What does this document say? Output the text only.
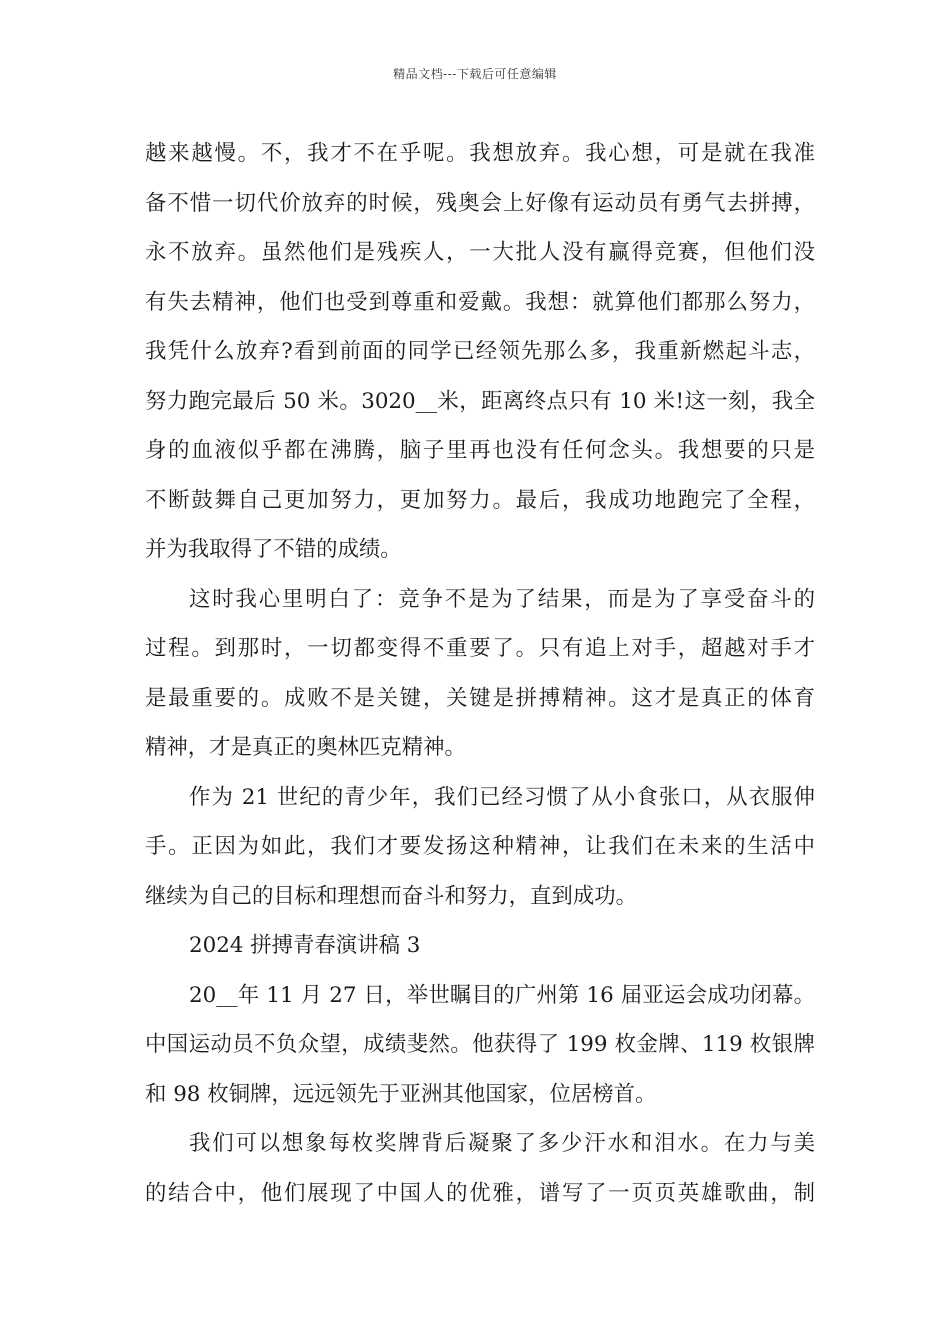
精品文档---下载后可任意编辑
越来越慢。不，我才不在乎呢。我想放弃。我心想，可是就在我准
备不惜一切代价放弃的时候，残奥会上好像有运动员有勇气去拼搏，
永不放弃。虽然他们是残疾人，一大批人没有赢得竞赛，但他们没
有失去精神，他们也受到尊重和爱戴。我想：就算他们都那么努力，
我凭什么放弃?看到前面的同学已经领先那么多，我重新燃起斗志，
努力跑完最后 50 米。3020__米，距离终点只有 10 米!这一刻，我全
身的血液似乎都在沸腾，脑子里再也没有任何念头。我想要的只是
不断鼓舞自己更加努力，更加努力。最后，我成功地跑完了全程，
并为我取得了不错的成绩。
这时我心里明白了：竞争不是为了结果，而是为了享受奋斗的
过程。到那时，一切都变得不重要了。只有追上对手，超越对手才
是最重要的。成败不是关键，关键是拼搏精神。这才是真正的体育
精神，才是真正的奥林匹克精神。
作为 21 世纪的青少年，我们已经习惯了从小食张口，从衣服伸
手。正因为如此，我们才要发扬这种精神，让我们在未来的生活中
继续为自己的目标和理想而奋斗和努力，直到成功。
2024 拼搏青春演讲稿 3
20__年 11 月 27 日，举世瞩目的广州第 16 届亚运会成功闭幕。
中国运动员不负众望，成绩斐然。他获得了 199 枚金牌、119 枚银牌
和 98 枚铜牌，远远领先于亚洲其他国家，位居榜首。
我们可以想象每枚奖牌背后凝聚了多少汗水和泪水。在力与美
的结合中，他们展现了中国人的优雅，谱写了一页页英雄歌曲，制
